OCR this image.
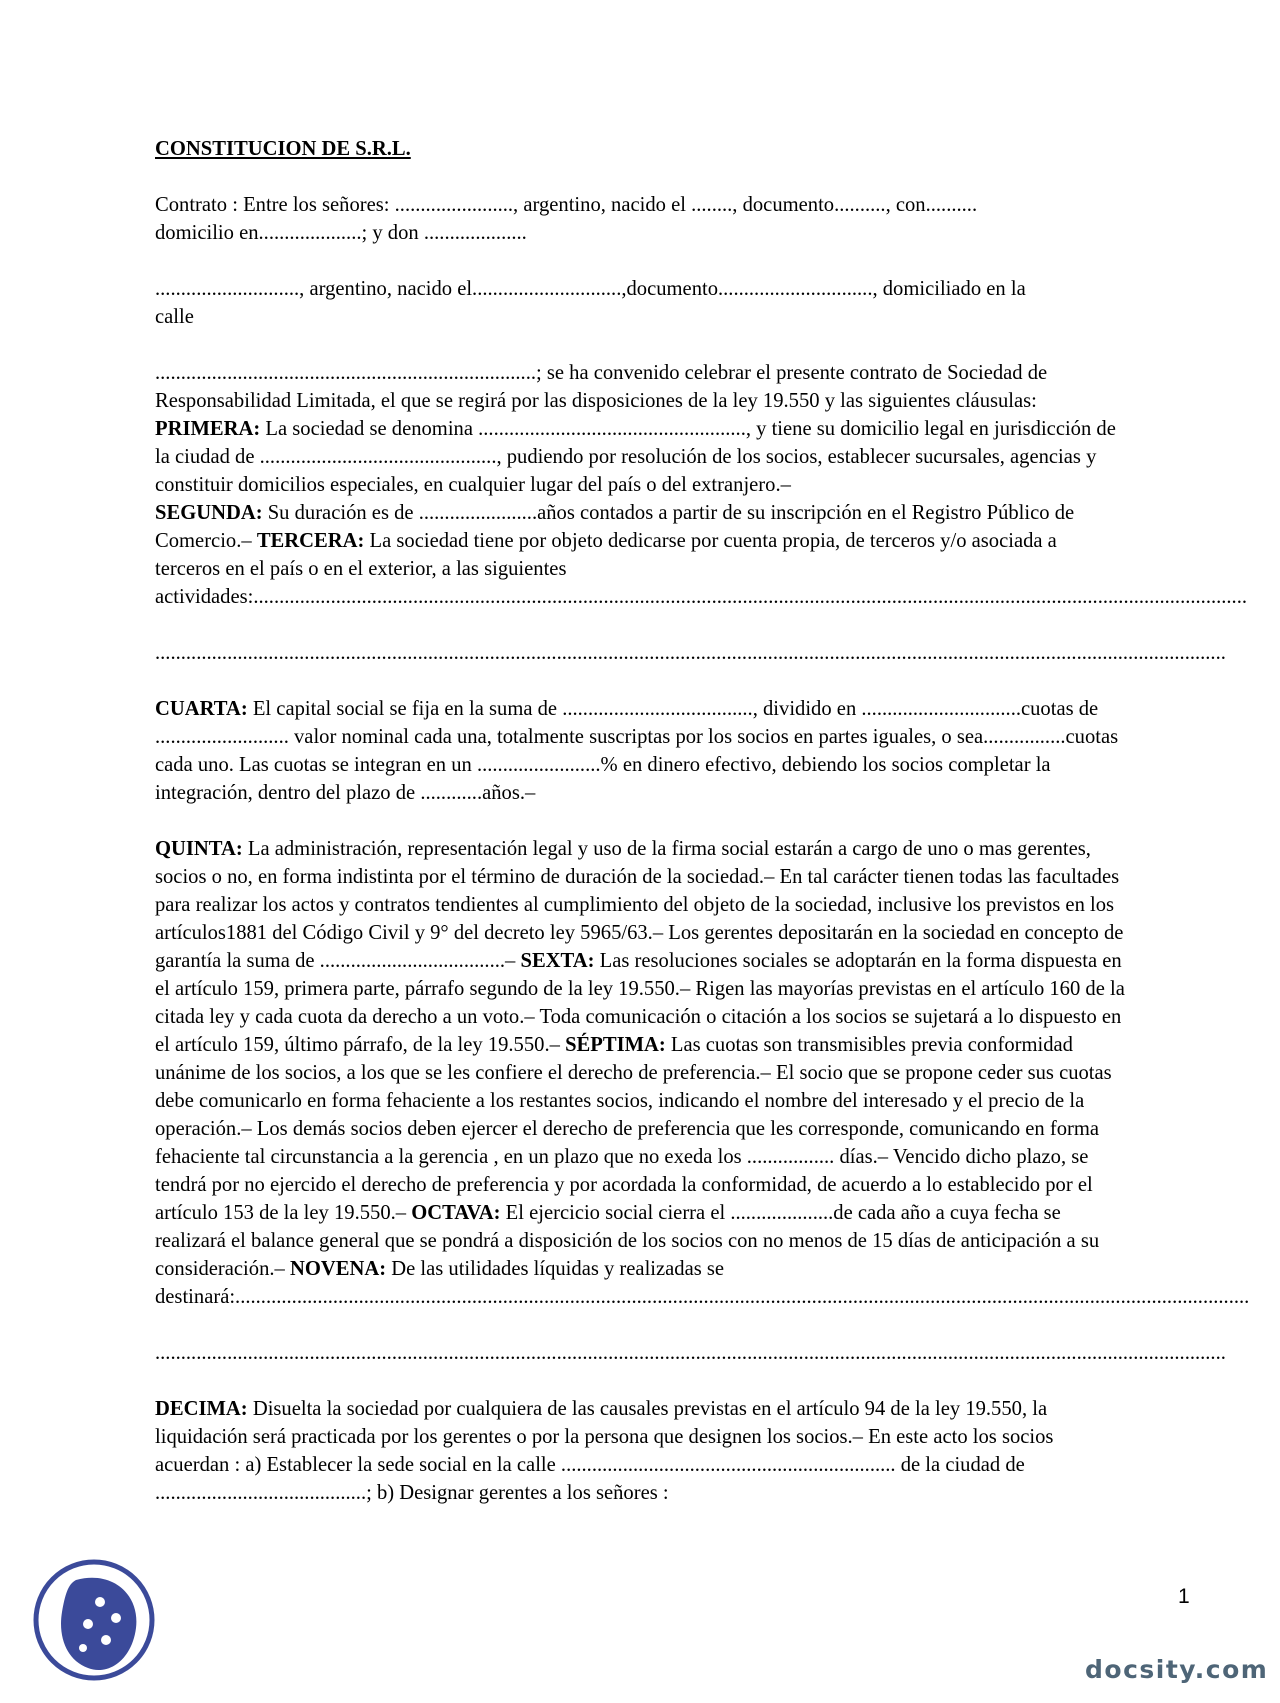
CONSTITUCION DE S.R.L.
Contrato : Entre los señores: ......................., argentino, nacido el ........, documento.........., con..........
domicilio en....................; y don ....................
............................, argentino, nacido el.............................,documento.............................., domiciliado en la
calle
..........................................................................; se ha convenido celebrar el presente contrato de Sociedad de
Responsabilidad Limitada, el que se regirá por las disposiciones de la ley 19.550 y las siguientes cláusulas:
PRIMERA: La sociedad se denomina ...................................................., y tiene su domicilio legal en jurisdicción de la ciudad de .............................................., pudiendo por resolución de los socios, establecer sucursales, agencias y constituir domicilios especiales, en cualquier lugar del país o del extranjero.–
SEGUNDA: Su duración es de .......................años contados a partir de su inscripción en el Registro Público de Comercio.– TERCERA: La sociedad tiene por objeto dedicarse por cuenta propia, de terceros y/o asociada a terceros en el país o en el exterior, a las siguientes
actividades:.................................................................................................................................................................................................
................................................................................................................................................................................................................
CUARTA: El capital social se fija en la suma de ....................................., dividido en ...............................cuotas de .......................... valor nominal cada una, totalmente suscriptas por los socios en partes iguales, o sea................cuotas cada uno. Las cuotas se integran en un ........................% en dinero efectivo, debiendo los socios completar la integración, dentro del plazo de ............años.–
QUINTA: La administración, representación legal y uso de la firma social estarán a cargo de uno o mas gerentes, socios o no, en forma indistinta por el término de duración de la sociedad.– En tal carácter tienen todas las facultades para realizar los actos y contratos tendientes al cumplimiento del objeto de la sociedad, inclusive los previstos en los artículos1881 del Código Civil y 9° del decreto ley 5965/63.– Los gerentes depositarán en la sociedad en concepto de garantía la suma de ....................................– SEXTA: Las resoluciones sociales se adoptarán en la forma dispuesta en el artículo 159, primera parte, párrafo segundo de la ley 19.550.– Rigen las mayorías previstas en el artículo 160 de la citada ley y cada cuota da derecho a un voto.– Toda comunicación o citación a los socios se sujetará a lo dispuesto en el artículo 159, último párrafo, de la ley 19.550.– SÉPTIMA: Las cuotas son transmisibles previa conformidad unánime de los socios, a los que se les confiere el derecho de preferencia.– El socio que se propone ceder sus cuotas debe comunicarlo en forma fehaciente a los restantes socios, indicando el nombre del interesado y el precio de la operación.– Los demás socios deben ejercer el derecho de preferencia que les corresponde, comunicando en forma fehaciente tal circunstancia a la gerencia , en un plazo que no exeda los ................. días.– Vencido dicho plazo, se tendrá por no ejercido el derecho de preferencia y por acordada la conformidad, de acuerdo a lo establecido por el artículo 153 de la ley 19.550.– OCTAVA: El ejercicio social cierra el ....................de cada año a cuya fecha se realizará el balance general que se pondrá a disposición de los socios con no menos de 15 días de anticipación a su consideración.– NOVENA: De las utilidades líquidas y realizadas se
destinará:.....................................................................................................................................................................................................
................................................................................................................................................................................................................
DECIMA: Disuelta la sociedad por cualquiera de las causales previstas en el artículo 94 de la ley 19.550, la liquidación será practicada por los gerentes o por la persona que designen los socios.– En este acto los socios acuerdan : a) Establecer la sede social en la calle ................................................................. de la ciudad de .........................................; b) Designar gerentes a los señores :
1
docsity.com
